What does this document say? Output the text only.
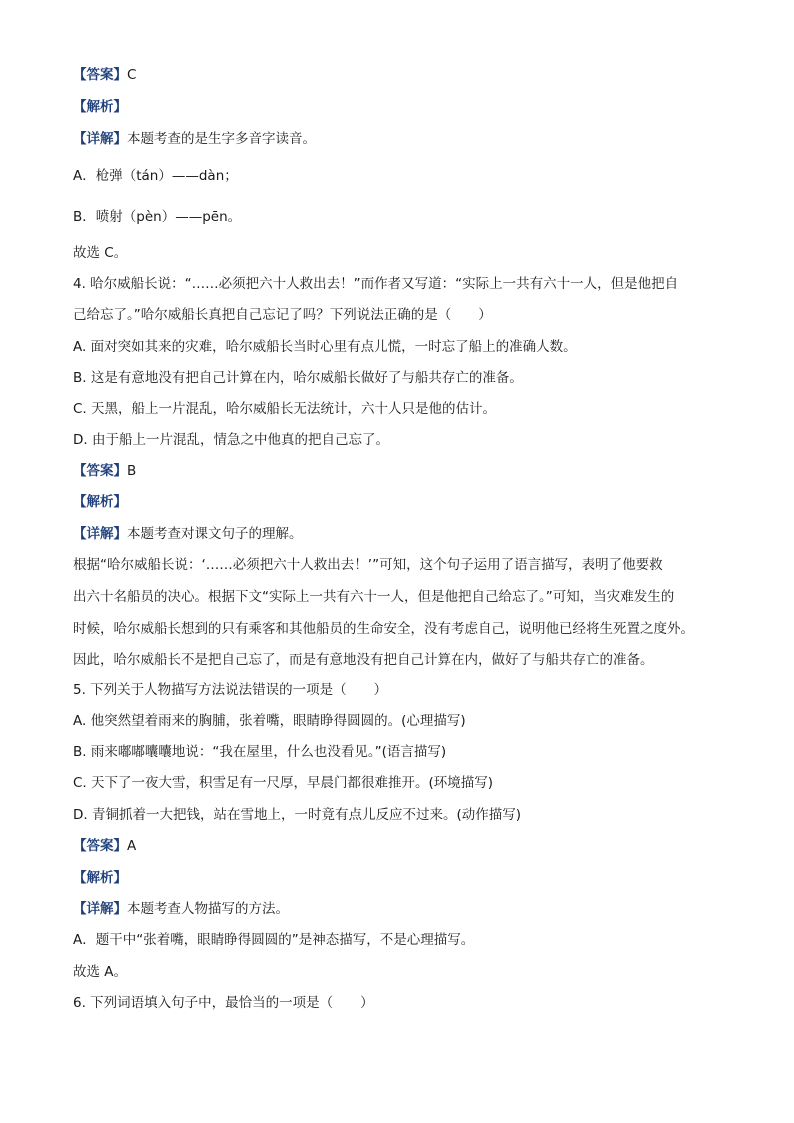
【答案】C
【解析】
【详解】本题考查的是生字多音字读音。
A．枪弹（tán）——dàn；
B．喷射（pèn）——pēn。
故选 C。
4. 哈尔威船长说：“……必须把六十人救出去！”而作者又写道：“实际上一共有六十一人，但是他把自
己给忘了。”哈尔威船长真把自己忘记了吗？下列说法正确的是（　　）
A. 面对突如其来的灾难，哈尔威船长当时心里有点儿慌，一时忘了船上的准确人数。
B. 这是有意地没有把自己计算在内，哈尔威船长做好了与船共存亡的准备。
C. 天黑，船上一片混乱，哈尔威船长无法统计，六十人只是他的估计。
D. 由于船上一片混乱，情急之中他真的把自己忘了。
【答案】B
【解析】
【详解】本题考查对课文句子的理解。
根据“哈尔威船长说：‘……必须把六十人救出去！’”可知，这个句子运用了语言描写，表明了他要救
出六十名船员的决心。根据下文“实际上一共有六十一人，但是他把自己给忘了。”可知，当灾难发生的
时候，哈尔威船长想到的只有乘客和其他船员的生命安全，没有考虑自己，说明他已经将生死置之度外。
因此，哈尔威船长不是把自己忘了，而是有意地没有把自己计算在内，做好了与船共存亡的准备。
5. 下列关于人物描写方法说法错误的一项是（　　）
A. 他突然望着雨来的胸脯，张着嘴，眼睛睁得圆圆的。(心理描写)
B. 雨来嘟嘟囔囔地说：“我在屋里，什么也没看见。”(语言描写)
C. 天下了一夜大雪，积雪足有一尺厚，早晨门都很难推开。(环境描写)
D. 青铜抓着一大把钱，站在雪地上，一时竟有点儿反应不过来。(动作描写)
【答案】A
【解析】
【详解】本题考查人物描写的方法。
A．题干中“张着嘴，眼睛睁得圆圆的”是神态描写，不是心理描写。
故选 A。
6. 下列词语填入句子中，最恰当的一项是（　　）
